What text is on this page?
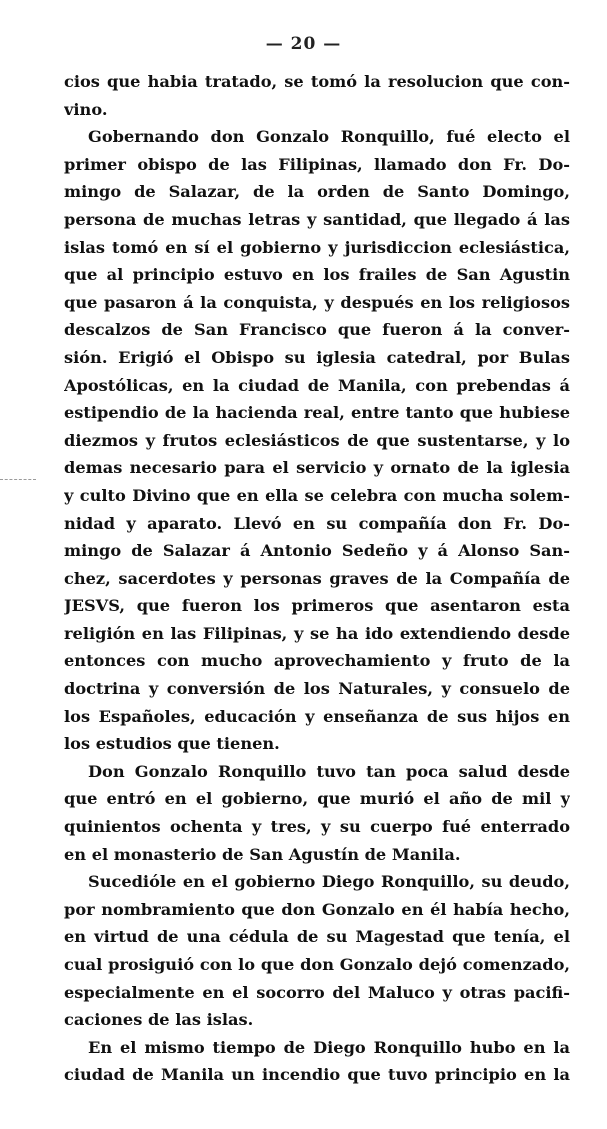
— 20 —
cios que habia tratado, se tomó la resolucion que con-
vino.
Gobernando don Gonzalo Ronquillo, fué electo el
primer obispo de las Filipinas, llamado don Fr. Do-
mingo de Salazar, de la orden de Santo Domingo,
persona de muchas letras y santidad, que llegado á las
islas tomó en sí el gobierno y jurisdiccion eclesiástica,
que al principio estuvo en los frailes de San Agustin
que pasaron á la conquista, y después en los religiosos
descalzos de San Francisco que fueron á la conver-
sión. Erigió el Obispo su iglesia catedral, por Bulas
Apostólicas, en la ciudad de Manila, con prebendas á
estipendio de la hacienda real, entre tanto que hubiese
diezmos y frutos eclesiásticos de que sustentarse, y lo
demas necesario para el servicio y ornato de la iglesia
y culto Divino que en ella se celebra con mucha solem-
nidad y aparato. Llevó en su compañía don Fr. Do-
mingo de Salazar á Antonio Sedeño y á Alonso San-
chez, sacerdotes y personas graves de la Compañía de
JESVS, que fueron los primeros que asentaron esta
religión en las Filipinas, y se ha ido extendiendo desde
entonces con mucho aprovechamiento y fruto de la
doctrina y conversión de los Naturales, y consuelo de
los Españoles, educación y enseñanza de sus hijos en
los estudios que tienen.
Don Gonzalo Ronquillo tuvo tan poca salud desde
que entró en el gobierno, que murió el año de mil y
quinientos ochenta y tres, y su cuerpo fué enterrado
en el monasterio de San Agustín de Manila.
Sucedióle en el gobierno Diego Ronquillo, su deudo,
por nombramiento que don Gonzalo en él había hecho,
en virtud de una cédula de su Magestad que tenía, el
cual prosiguió con lo que don Gonzalo dejó comenzado,
especialmente en el socorro del Maluco y otras pacifi-
caciones de las islas.
En el mismo tiempo de Diego Ronquillo hubo en la
ciudad de Manila un incendio que tuvo principio en la
